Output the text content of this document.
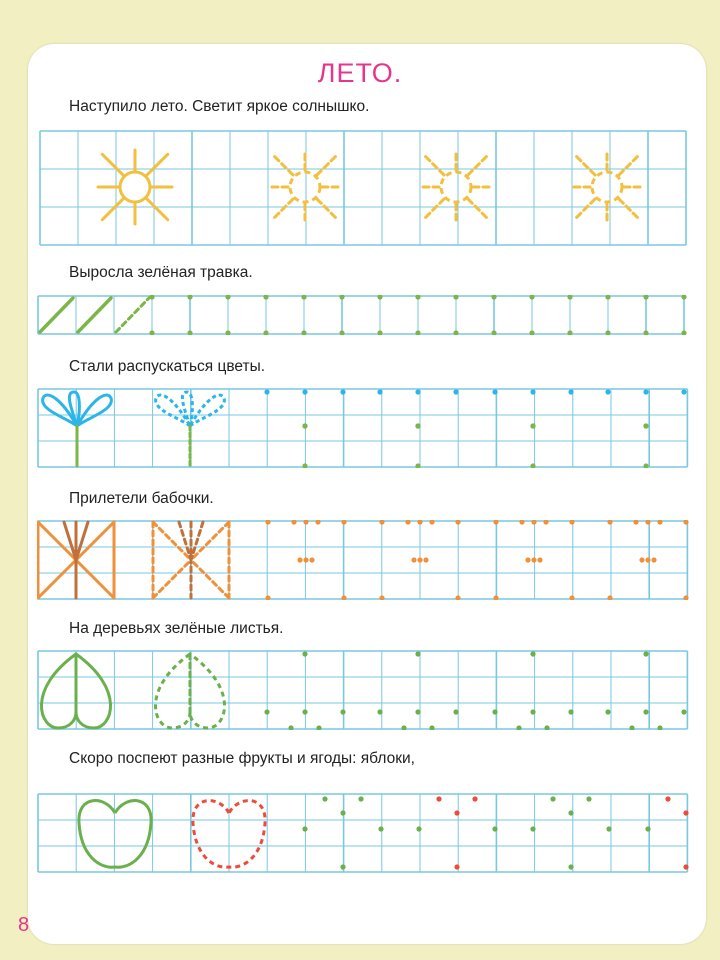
ЛЕТО.
Наступило лето. Светит яркое солнышко.
Выросла зелёная травка.
Стали распускаться цветы.
Прилетели бабочки.
На деревьях зелёные листья.
Скоро поспеют разные фрукты и ягоды: яблоки,
8
